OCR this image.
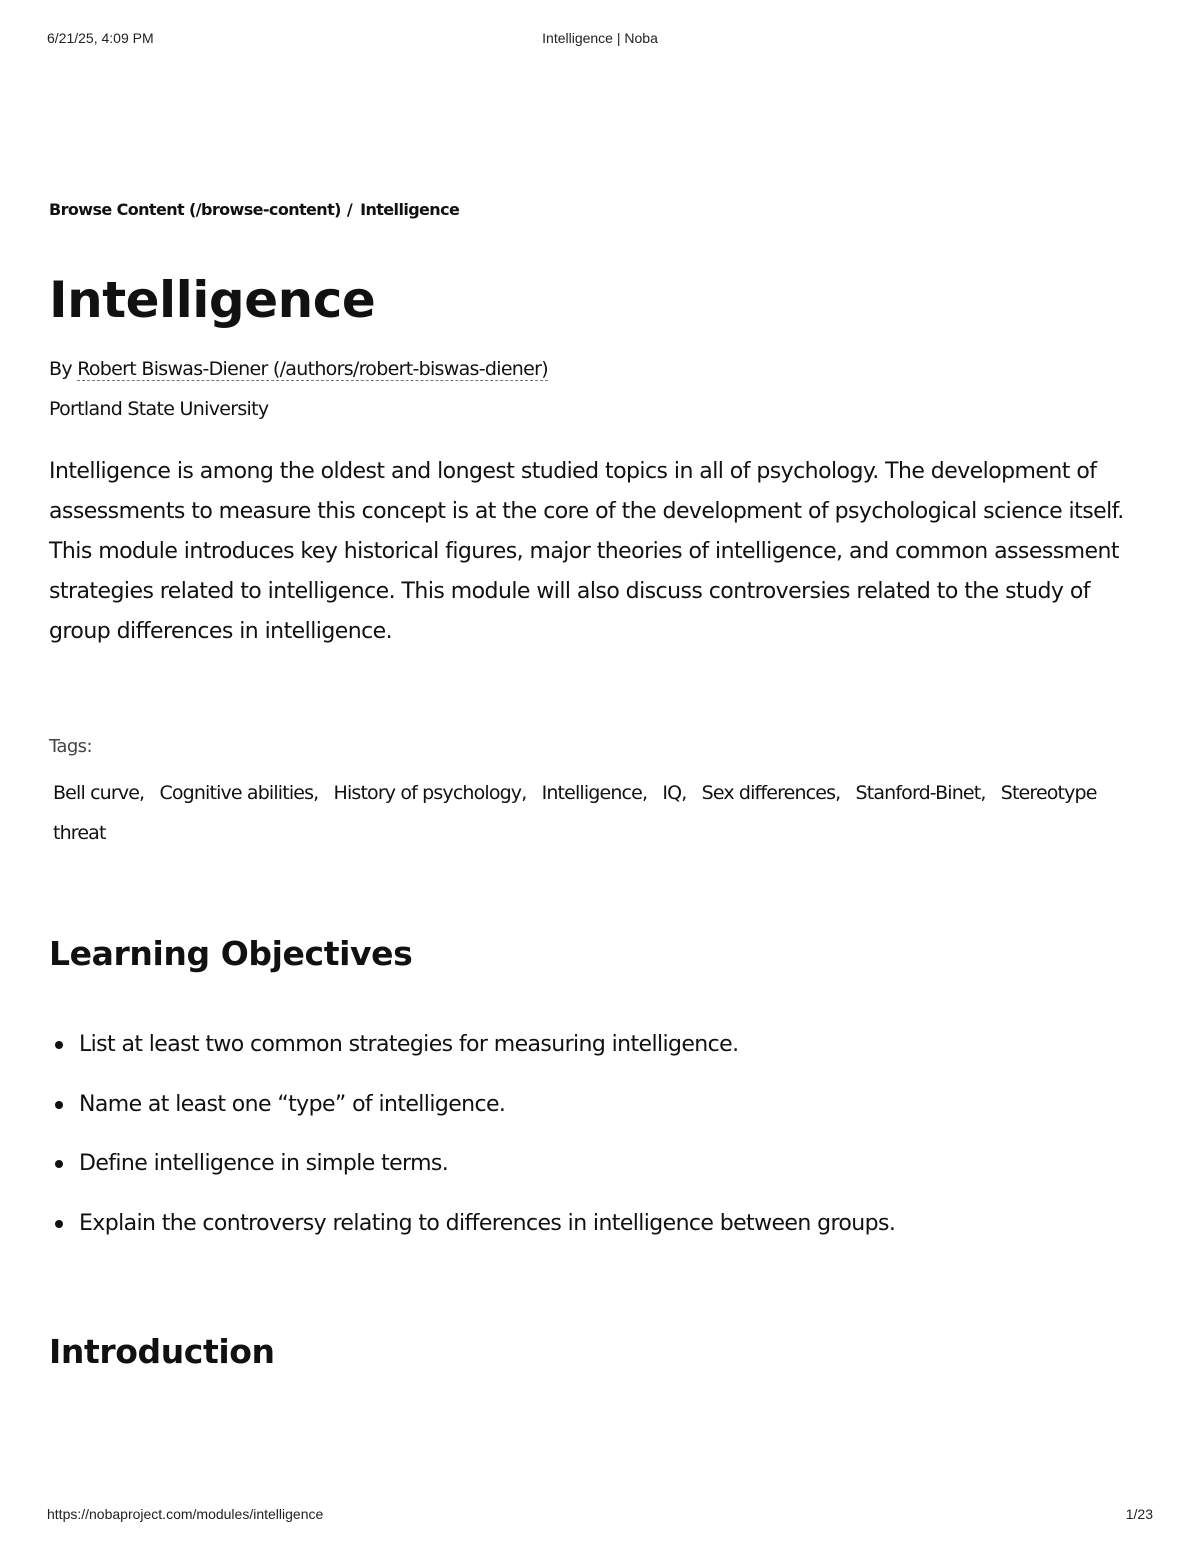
Intelligence | Noba
6/21/25, 4:09 PM
Browse Content (/browse-content) / Intelligence
Intelligence
By Robert Biswas-Diener (/authors/robert-biswas-diener)
Portland State University

Intelligence is among the oldest and longest studied topics in all of psychology. The development of assessments to measure this concept is at the core of the development of psychological science itself. This module introduces key historical figures, major theories of intelligence, and common assessment strategies related to intelligence. This module will also discuss controversies related to the study of group differences in intelligence.

Tags:
Bell curve, Cognitive abilities, History of psychology, Intelligence, IQ, Sex differences, Stanford-Binet, Stereotype threat
Learning Objectives
List at least two common strategies for measuring intelligence.
Name at least one “type” of intelligence.
Define intelligence in simple terms.
Explain the controversy relating to differences in intelligence between groups.
Introduction
https://nobaproject.com/modules/intelligence	1/23
